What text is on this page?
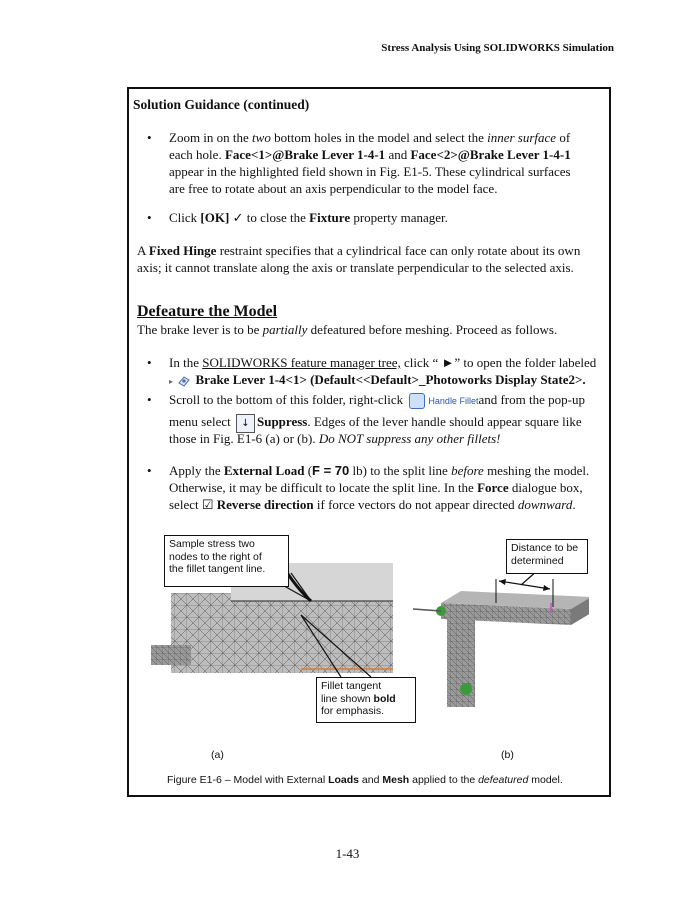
Stress Analysis Using SOLIDWORKS Simulation
Solution Guidance (continued)
• Zoom in on the two bottom holes in the model and select the inner surface of
each hole. Face<1>@Brake Lever 1-4-1 and Face<2>@Brake Lever 1-4-1
appear in the highlighted field shown in Fig. E1-5. These cylindrical surfaces
are free to rotate about an axis perpendicular to the model face.
• Click [OK] ✓ to close the Fixture property manager.
A Fixed Hinge restraint specifies that a cylindrical face can only rotate about its own
axis; it cannot translate along the axis or translate perpendicular to the selected axis.
Defeature the Model
The brake lever is to be partially defeatured before meshing. Proceed as follows.
• In the SOLIDWORKS feature manager tree, click “ ►” to open the folder labeled
▸ Brake Lever 1-4<1> (Default<<Default>_Photoworks Display State2>.
• Scroll to the bottom of this folder, right-click Handle Filletand from the pop-up
menu select ↓ Suppress. Edges of the lever handle should appear square like
those in Fig. E1-6 (a) or (b). Do NOT suppress any other fillets!
• Apply the External Load (F = 70 lb) to the split line before meshing the model.
Otherwise, it may be difficult to locate the split line. In the Force dialogue box,
select ☑ Reverse direction if force vectors do not appear directed downward.
Sample stress two
nodes to the right of
the fillet tangent line.
Distance to be
determined
Fillet tangent
line shown bold
for emphasis.
(a)	(b)
Figure E1-6 – Model with External Loads and Mesh applied to the defeatured model.
1-43
